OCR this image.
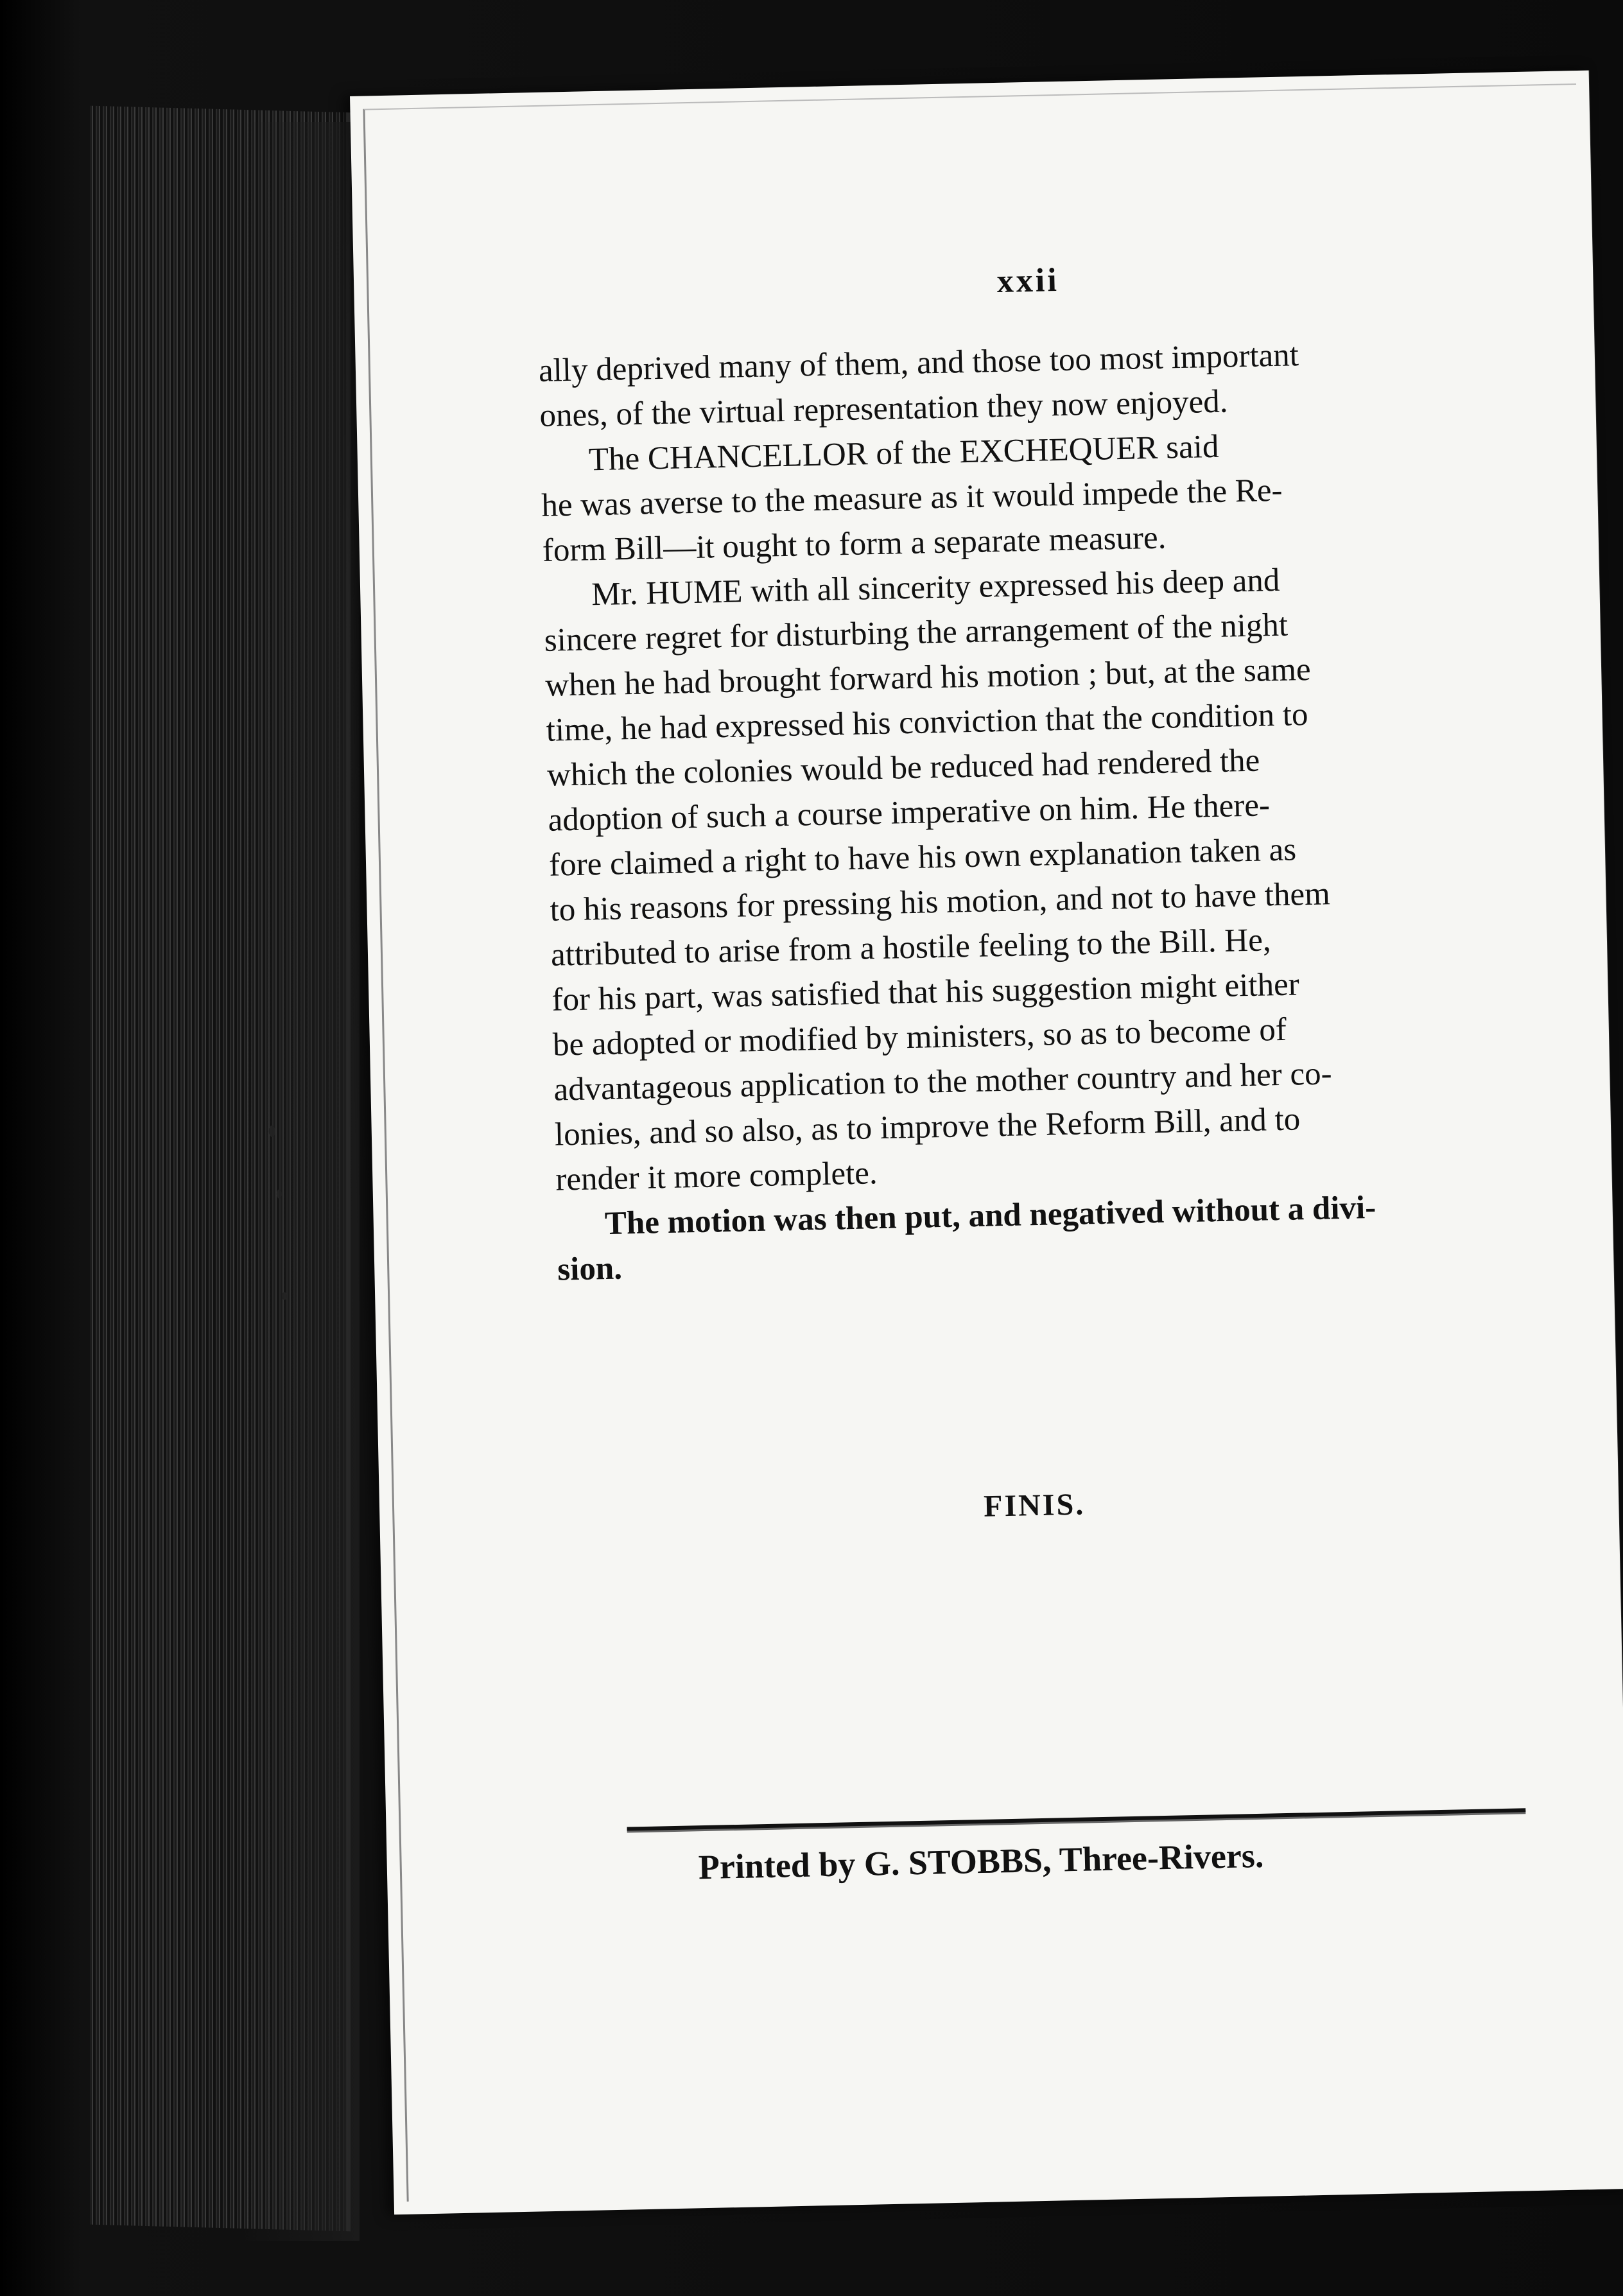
xxii
ally deprived many of them, and those too most important
ones, of the virtual representation they now enjoyed.
The CHANCELLOR of the EXCHEQUER said
he was averse to the measure as it would impede the Re-
form Bill—it ought to form a separate measure.
Mr. HUME with all sincerity expressed his deep and
sincere regret for disturbing the arrangement of the night
when he had brought forward his motion ; but, at the same
time, he had expressed his conviction that the condition to
which the colonies would be reduced had rendered the
adoption of such a course imperative on him. He there-
fore claimed a right to have his own explanation taken as
to his reasons for pressing his motion, and not to have them
attributed to arise from a hostile feeling to the Bill. He,
for his part, was satisfied that his suggestion might either
be adopted or modified by ministers, so as to become of
advantageous application to the mother country and her co-
lonies, and so also, as to improve the Reform Bill, and to
render it more complete.
The motion was then put, and negatived without a divi-
sion.
FINIS.
Printed by G. STOBBS, Three-Rivers.
